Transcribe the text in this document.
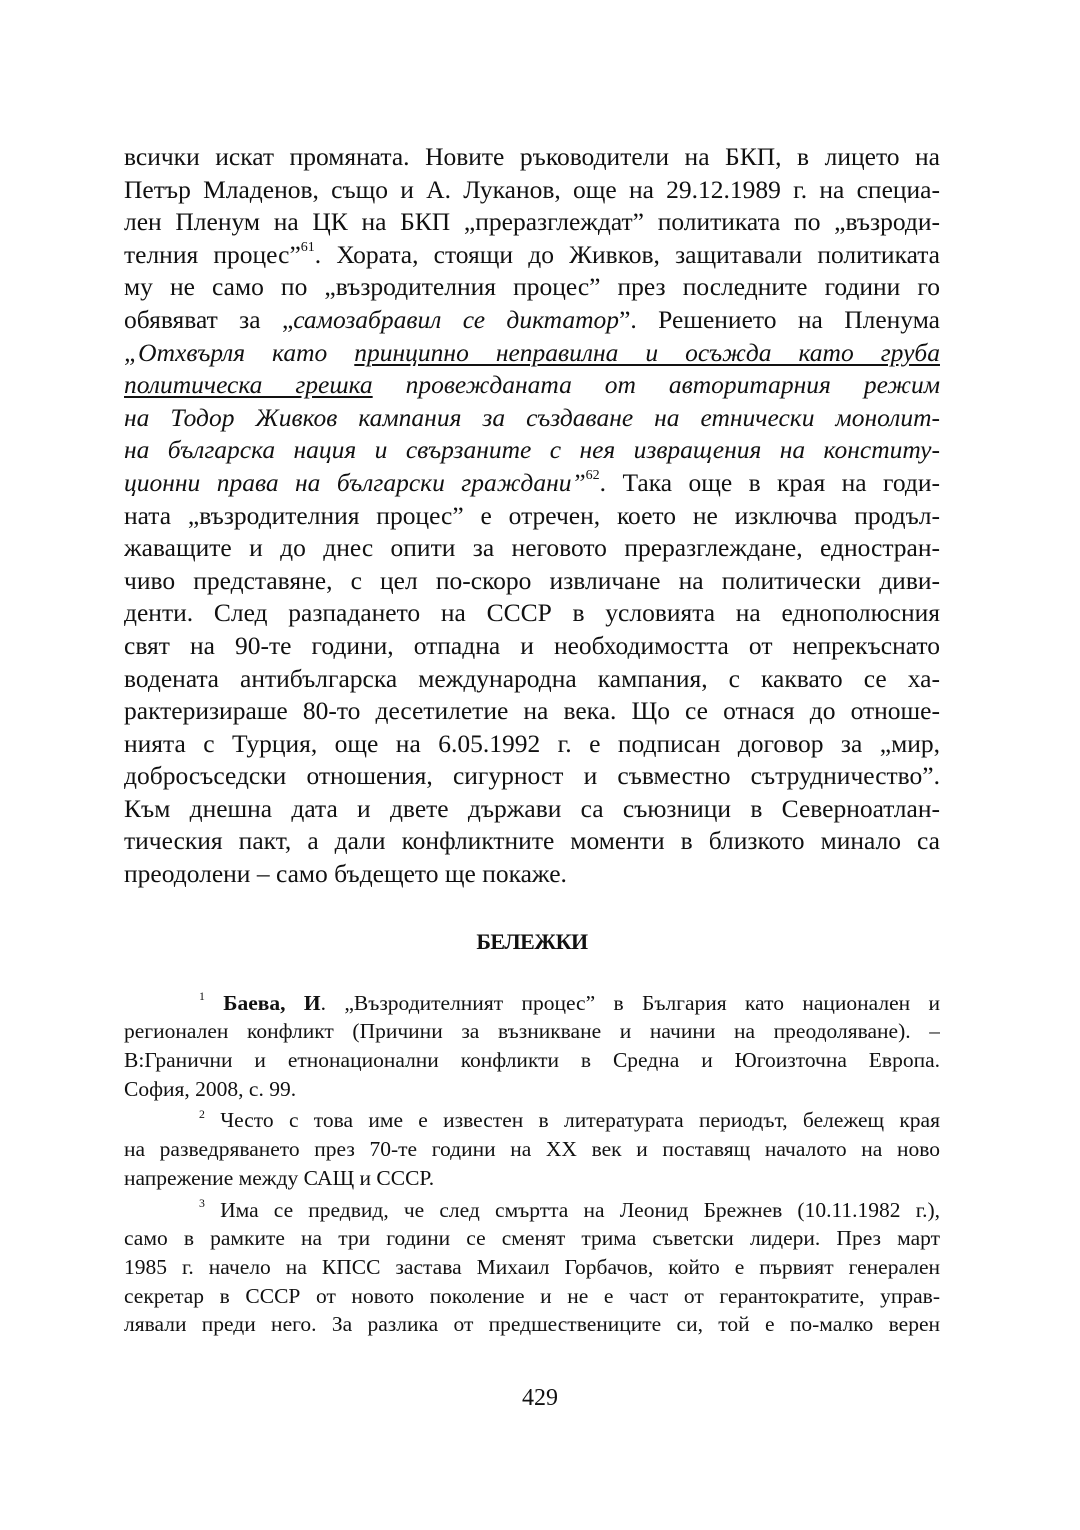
всички искат промяната. Новите ръководители на БКП, в лицето на
Петър Младенов, също и А. Луканов, още на 29.12.1989 г. на специа-
лен Пленум на ЦК на БКП „преразглеждат” политиката по „възроди-
телния процес”$^{61}$. Хората, стоящи до Живков, защитавали политиката
му не само по „възродителния процес” през последните години го
обявяват за „самозабравил се диктатор”. Решението на Пленума
„Отхвърля като принципно неправилна и осъжда като груба
политическа грешка провежданата от авторитарния режим
на Тодор Живков кампания за създаване на етнически монолит-
на българска нация и свързаните с нея извращения на конститу-
ционни права на български граждани”$^{62}$. Така още в края на годи-
ната „възродителния процес” е отречен, което не изключва продъл-
жаващите и до днес опити за неговото преразглеждане, едностран-
чиво представяне, с цел по-скоро извличане на политически диви-
денти. След разпадането на СССР в условията на еднополюсния
свят на 90-те години, отпадна и необходимостта от непрекъснато
воденатa антибългарска международна кампания, с каквато се ха-
рактеризираше 80-то десетилетие на века. Що се отнася до отноше-
нията с Турция, още на 6.05.1992 г. е подписан договор за „мир,
добросъседски отношения, сигурност и съвместно сътрудничество”.
Към днешна дата и двете държави са съюзници в Северноатлан-
тическия пакт, а дали конфликтните моменти в близкото минало са
преодолени – само бъдещето ще покаже.
БЕЛЕЖКИ
$^1$ Баева, И. „Възродителният процес” в България като национален и
регионален конфликт (Причини за възникване и начини на преодоляване). –
В:Гранични и етнонационални конфликти в Средна и Югоизточна Европа.
София, 2008, с. 99.
$^2$ Често с това име е известен в литературата периодът, бележещ края
на разведряването през 70-те години на XX век и поставящ началото на ново
напрежение между САЩ и СССР.
$^3$ Има се предвид, че след смъртта на Леонид Брежнев (10.11.1982 г.),
само в рамките на три години се сменят трима съветски лидери. През март
1985 г. начело на КПСС застава Михаил Горбачов, който е първият генерален
секретар в СССР от новото поколение и не е част от герантократите, управ-
лявали преди него. За разлика от предшествениците си, той е по-малко верен
429
